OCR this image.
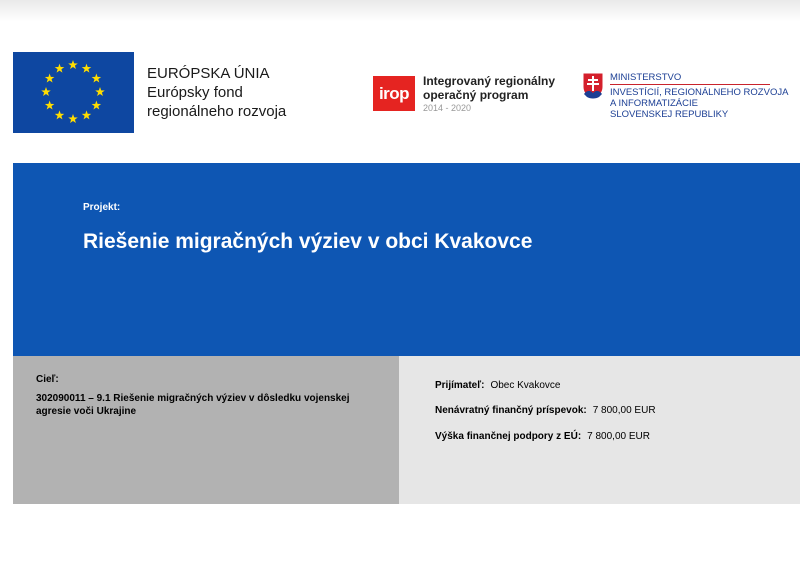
EURÓPSKA ÚNIA
Európsky fond
regionálneho rozvoja
irop
Integrovaný regionálny
operačný program
2014 - 2020
MINISTERSTVO
INVESTÍCIÍ, REGIONÁLNEHO ROZVOJA
A INFORMATIZÁCIE
SLOVENSKEJ REPUBLIKY
Projekt:
Riešenie migračných výziev v obci Kvakovce
Cieľ:
302090011 – 9.1 Riešenie migračných výziev v dôsledku vojenskej agresie voči Ukrajine
Prijímateľ: Obec Kvakovce
Nenávratný finančný príspevok: 7 800,00 EUR
Výška finančnej podpory z EÚ: 7 800,00 EUR
